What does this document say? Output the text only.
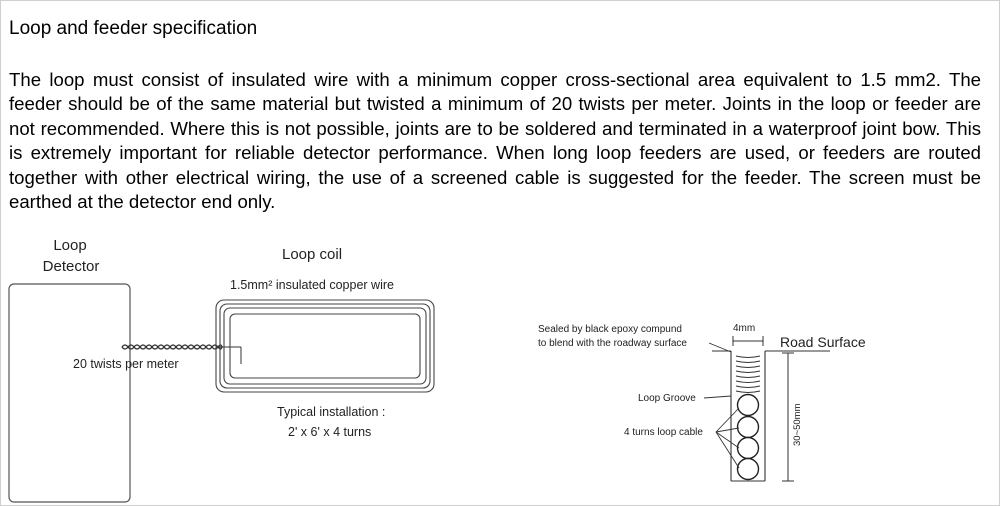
Loop and feeder specification
The loop must consist of insulated wire with a minimum copper cross-sectional area equivalent to 1.5 mm2. The feeder should be of the same material but twisted a minimum of 20 twists per meter. Joints in the loop or feeder are not recommended. Where this is not possible, joints are to be soldered and terminated in a waterproof joint bow. This is extremely important for reliable detector performance. When long loop feeders are used, or feeders are routed together with other electrical wiring, the use of a screened cable is suggested for the feeder. The screen must be earthed at the detector end only.
Loop
Detector
20 twists per meter
Loop coil
1.5mm² insulated copper wire
Typical installation :
2' x 6' x 4 turns
Sealed by black epoxy compund
to blend with the roadway surface
4mm
Road Surface
Loop Groove
4 turns loop cable	30~50mm
